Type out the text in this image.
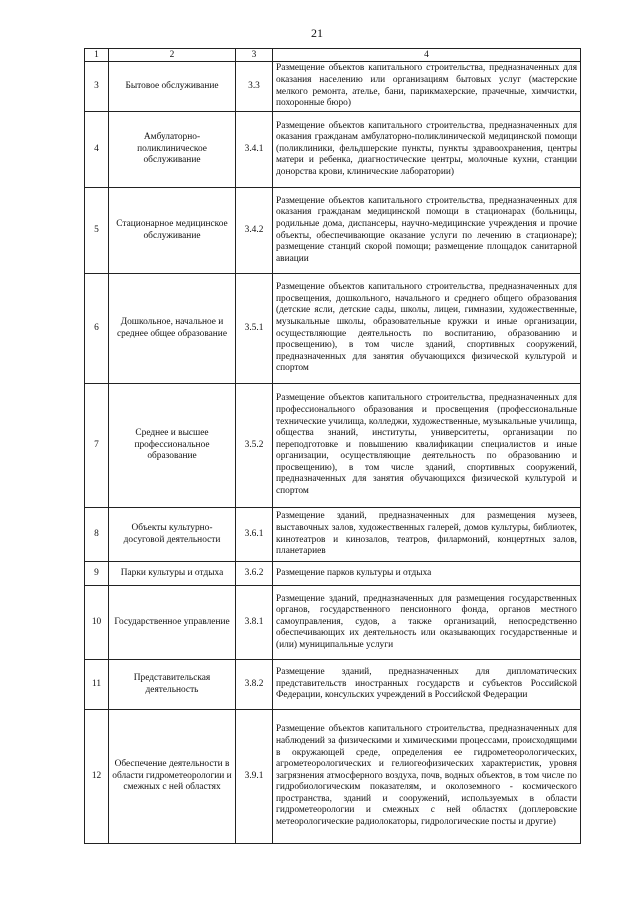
21
1	2	3	4
3	Бытовое обслуживание	3.3	Размещение объектов капитального строительства, предназначенных для оказания населению или организациям бытовых услуг (мастерские мелкого ремонта, ателье, бани, парикмахерские, прачечные, химчистки, похоронные бюро)
4	Амбулаторно-поликлиническое обслуживание	3.4.1	Размещение объектов капитального строительства, предназначенных для оказания гражданам амбулаторно-поликлинической медицинской помощи (поликлиники, фельдшерские пункты, пункты здравоохранения, центры матери и ребенка, диагностические центры, молочные кухни, станции донорства крови, клинические лаборатории)
5	Стационарное медицинское обслуживание	3.4.2	Размещение объектов капитального строительства, предназначенных для оказания гражданам медицинской помощи в стационарах (больницы, родильные дома, диспансеры, научно-медицинские учреждения и прочие объекты, обеспечивающие оказание услуги по лечению в стационаре); размещение станций скорой помощи; размещение площадок санитарной авиации
6	Дошкольное, начальное и среднее общее образование	3.5.1	Размещение объектов капитального строительства, предназначенных для просвещения, дошкольного, начального и среднего общего образования (детские ясли, детские сады, школы, лицеи, гимназии, художественные, музыкальные школы, образовательные кружки и иные организации, осуществляющие деятельность по воспитанию, образованию и просвещению), в том числе зданий, спортивных сооружений, предназначенных для занятия обучающихся физической культурой и спортом
7	Среднее и высшее профессиональное образование	3.5.2	Размещение объектов капитального строительства, предназначенных для профессионального образования и просвещения (профессиональные технические училища, колледжи, художественные, музыкальные училища, общества знаний, институты, университеты, организации по переподготовке и повышению квалификации специалистов и иные организации, осуществляющие деятельность по образованию и просвещению), в том числе зданий, спортивных сооружений, предназначенных для занятия обучающихся физической культурой и спортом
8	Объекты культурно-досуговой деятельности	3.6.1	Размещение зданий, предназначенных для размещения музеев, выставочных залов, художественных галерей, домов культуры, библиотек, кинотеатров и кинозалов, театров, филармоний, концертных залов, планетариев
9	Парки культуры и отдыха	3.6.2	Размещение парков культуры и отдыха
10	Государственное управление	3.8.1	Размещение зданий, предназначенных для размещения государственных органов, государственного пенсионного фонда, органов местного самоуправления, судов, а также организаций, непосредственно обеспечивающих их деятельность или оказывающих государственные и (или) муниципальные услуги
11	Представительская деятельность	3.8.2	Размещение зданий, предназначенных для дипломатических представительств иностранных государств и субъектов Российской Федерации, консульских учреждений в Российской Федерации
12	Обеспечение деятельности в области гидрометеорологии и смежных с ней областях	3.9.1	Размещение объектов капитального строительства, предназначенных для наблюдений за физическими и химическими процессами, происходящими в окружающей среде, определения ее гидрометеорологических, агрометеорологических и гелиогеофизических характеристик, уровня загрязнения атмосферного воздуха, почв, водных объектов, в том числе по гидробиологическим показателям, и околоземного - космического пространства, зданий и сооружений, используемых в области гидрометеорологии и смежных с ней областях (доплеровские метеорологические радиолокаторы, гидрологические посты и другие)
